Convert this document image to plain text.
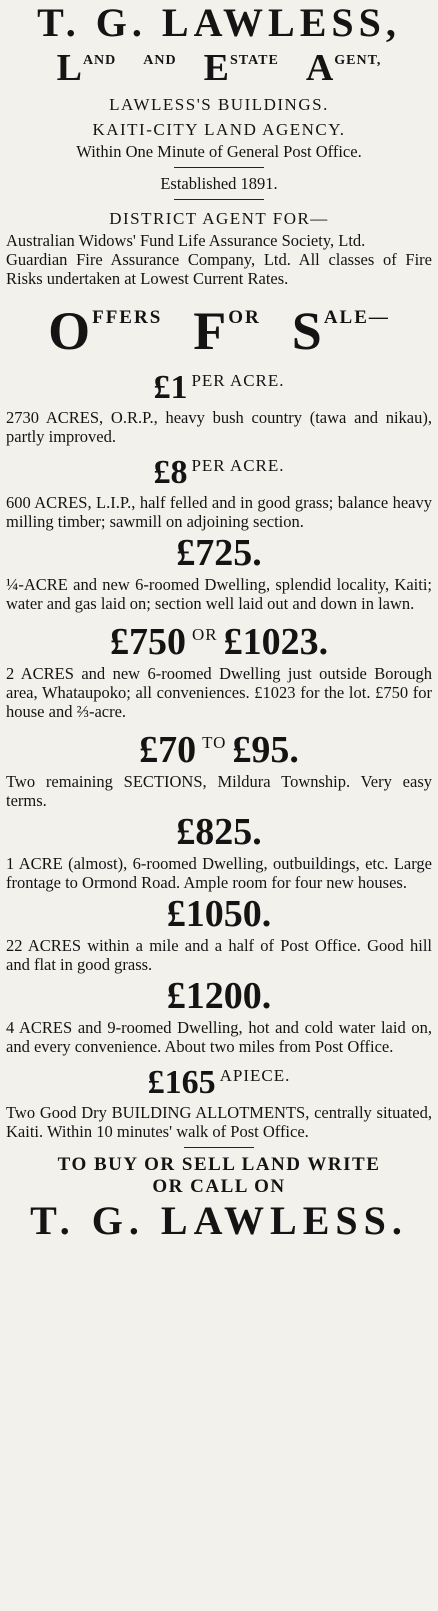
T. G. LAWLESS,

$L^{AND}$ $^{AND}$ $E^{STATE}$ $A^{GENT,}$

LAWLESS'S BUILDINGS.

KAITI-CITY LAND AGENCY.

Within One Minute of General Post Office.

Established 1891.

DISTRICT AGENT FOR—

Australian Widows' Fund Life Assurance Society, Ltd.

Guardian Fire Assurance Company, Ltd. All classes of Fire Risks undertaken at Lowest Current Rates.

$O^{FFERS}$ $F^{OR}$ $S^{ALE—}$

£1 $^{PER ACRE.}$

2730 ACRES, O.R.P., heavy bush country (tawa and nikau), partly improved.

£8 $^{PER ACRE.}$

600 ACRES, L.I.P., half felled and in good grass; balance heavy milling timber; sawmill on adjoining section.

£725.

¼-ACRE and new 6-roomed Dwelling, splendid locality, Kaiti; water and gas laid on; section well laid out and down in lawn.

£750 $^{OR}$ £1023.

2 ACRES and new 6-roomed Dwelling just outside Borough area, Whataupoko; all conveniences. £1023 for the lot. £750 for house and ⅔-acre.

£70 $^{TO}$ £95.

Two remaining SECTIONS, Mildura Township. Very easy terms.

£825.

1 ACRE (almost), 6-roomed Dwelling, outbuildings, etc. Large frontage to Ormond Road. Ample room for four new houses.

£1050.

22 ACRES within a mile and a half of Post Office. Good hill and flat in good grass.

£1200.

4 ACRES and 9-roomed Dwelling, hot and cold water laid on, and every convenience. About two miles from Post Office.

£165 $^{APIECE.}$

Two Good Dry BUILDING ALLOTMENTS, centrally situated, Kaiti. Within 10 minutes' walk of Post Office.

TO BUY OR SELL LAND WRITE

OR CALL ON

T. G. LAWLESS.
